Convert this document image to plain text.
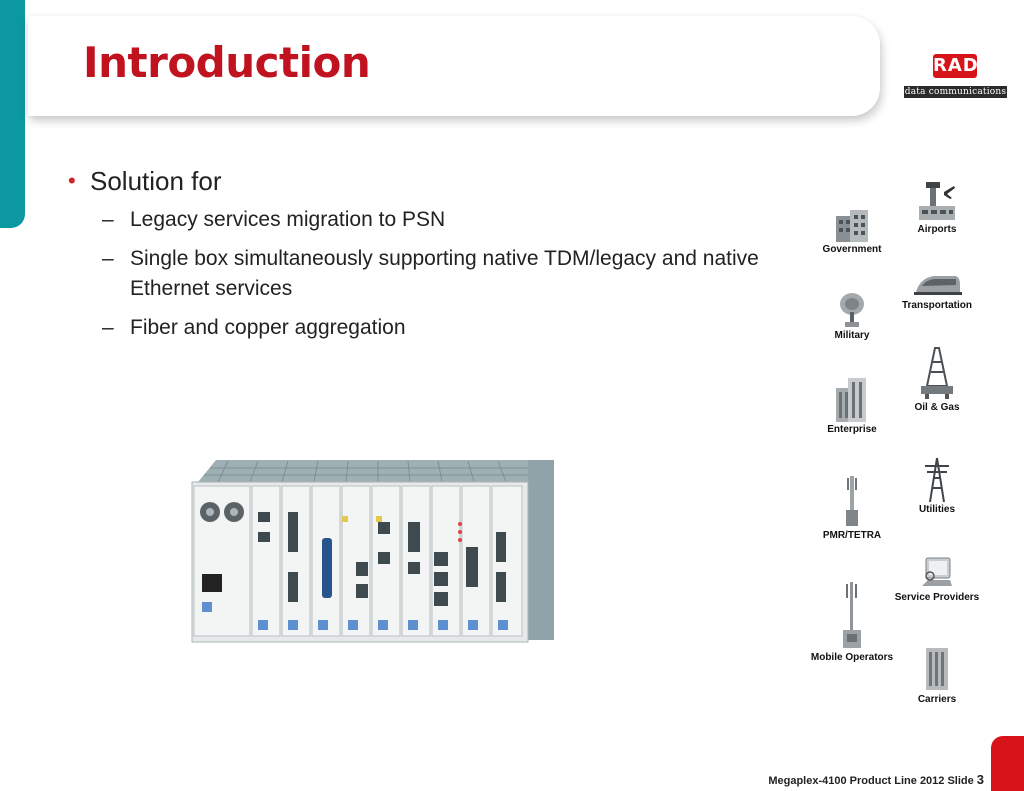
Introduction	RAD
data communications
• Solution for
– Legacy services migration to PSN
– Single box simultaneously supporting native TDM/legacy and native Ethernet services
– Fiber and copper aggregation
Government
Airports
Transportation
Military
Oil & Gas
Enterprise
Utilities
PMR/TETRA
Service Providers
Mobile Operators
Carriers
Megaplex-4100 Product Line 2012 Slide 3
